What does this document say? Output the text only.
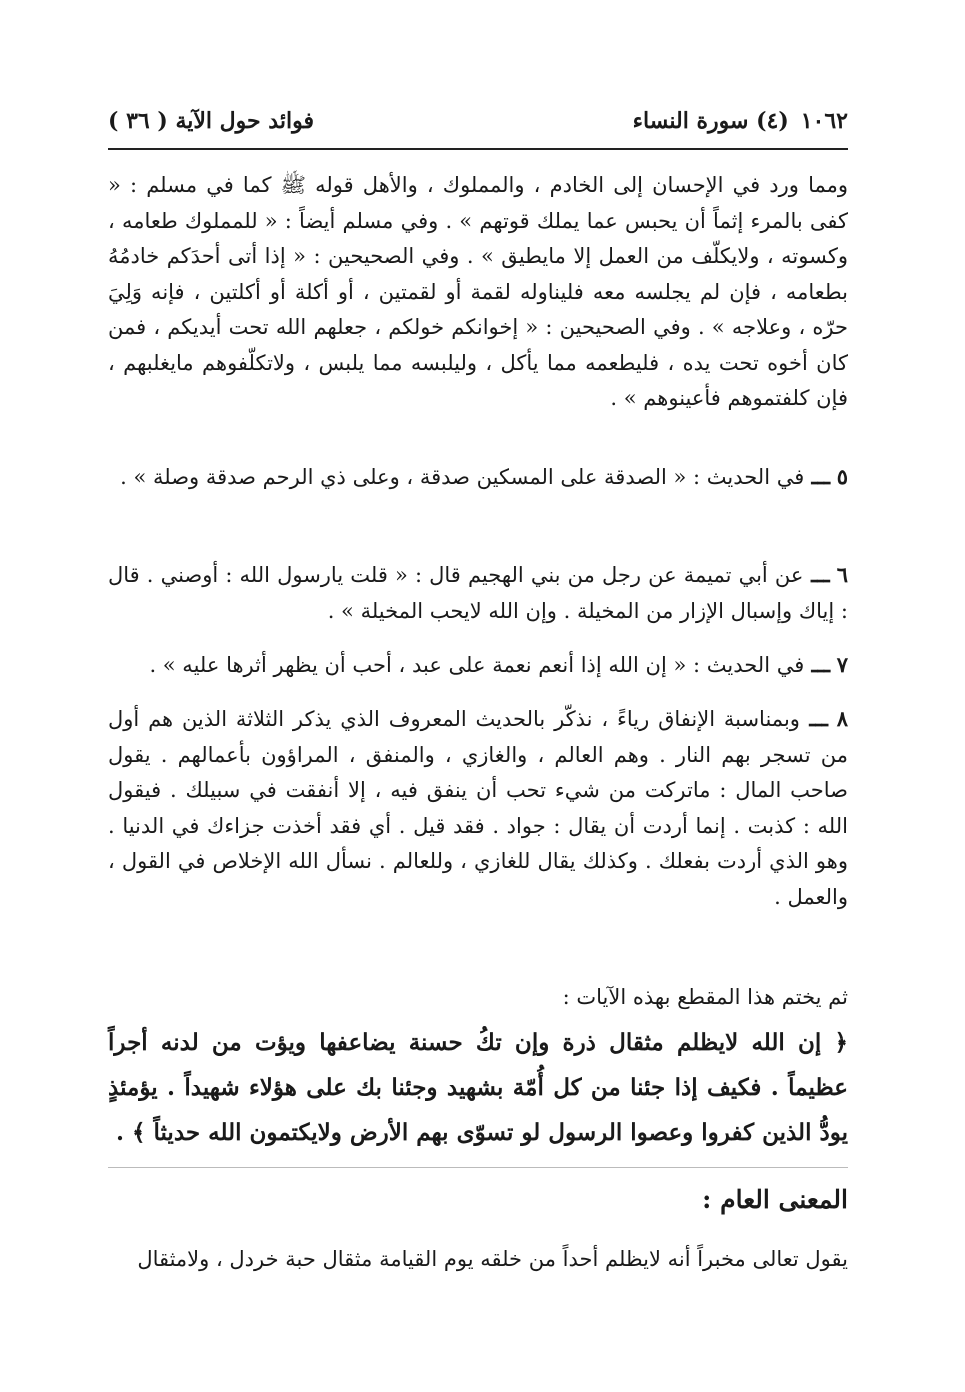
١٠٦٢
(٤) سورة النساء
فوائد حول الآية ( ٣٦ )
ومما ورد في الإحسان إلى الخادم ، والمملوك ، والأهل قوله ﷺ كما في مسلم : « كفى بالمرء إثماً أن يحبس عما يملك قوتهم » . وفي مسلم أيضاً : « للمملوك طعامه ، وكسوته ، ولايكلّف من العمل إلا مايطيق » . وفي الصحيحين : « إذا أتى أحدَكم خادمُهُ بطعامه ، فإن لم يجلسه معه فليناوله لقمة أو لقمتين ، أو أكلة أو أكلتين ، فإنه وَلِيَ حرّه ، وعلاجه » . وفي الصحيحين : « إخوانكم خولكم ، جعلهم الله تحت أيديكم ، فمن كان أخوه تحت يده ، فليطعمه مما يأكل ، وليلبسه مما يلبس ، ولاتكلّفوهم مايغلبهم ، فإن كلفتموهم فأعينوهم » .
٥ ـــ في الحديث : « الصدقة على المسكين صدقة ، وعلى ذي الرحم صدقة وصلة » .
٦ ـــ عن أبي تميمة عن رجل من بني الهجيم قال : « قلت يارسول الله : أوصني . قال : إياك وإسبال الإزار من المخيلة . وإن الله لايحب المخيلة » .
٧ ـــ في الحديث : « إن الله إذا أنعم نعمة على عبد ، أحب أن يظهر أثرها عليه » .
٨ ـــ وبمناسبة الإنفاق رياءً ، نذكّر بالحديث المعروف الذي يذكر الثلاثة الذين هم أول من تسجر بهم النار . وهم العالم ، والغازي ، والمنفق ، المراؤون بأعمالهم . يقول صاحب المال : ماتركت من شيء تحب أن ينفق فيه ، إلا أنفقت في سبيلك . فيقول الله : كذبت . إنما أردت أن يقال : جواد . فقد قيل . أي فقد أخذت جزاءك في الدنيا . وهو الذي أردت بفعلك . وكذلك يقال للغازي ، وللعالم . نسأل الله الإخلاص في القول ، والعمل .
ثم يختم هذا المقطع بهذه الآيات :
﴿ إن الله لايظلم مثقال ذرة وإن تكُ حسنة يضاعفها ويؤت من لدنه أجراً عظيماً . فكيف إذا جئنا من كل أُمّة بشهيد وجئنا بك على هؤلاء شهيداً . يؤمئذٍ يودُّ الذين كفروا وعصوا الرسول لو تسوّى بهم الأرض ولايكتمون الله حديثاً ﴾ .
المعنى العام :
يقول تعالى مخبراً أنه لايظلم أحداً من خلقه يوم القيامة مثقال حبة خردل ، ولامثقال
